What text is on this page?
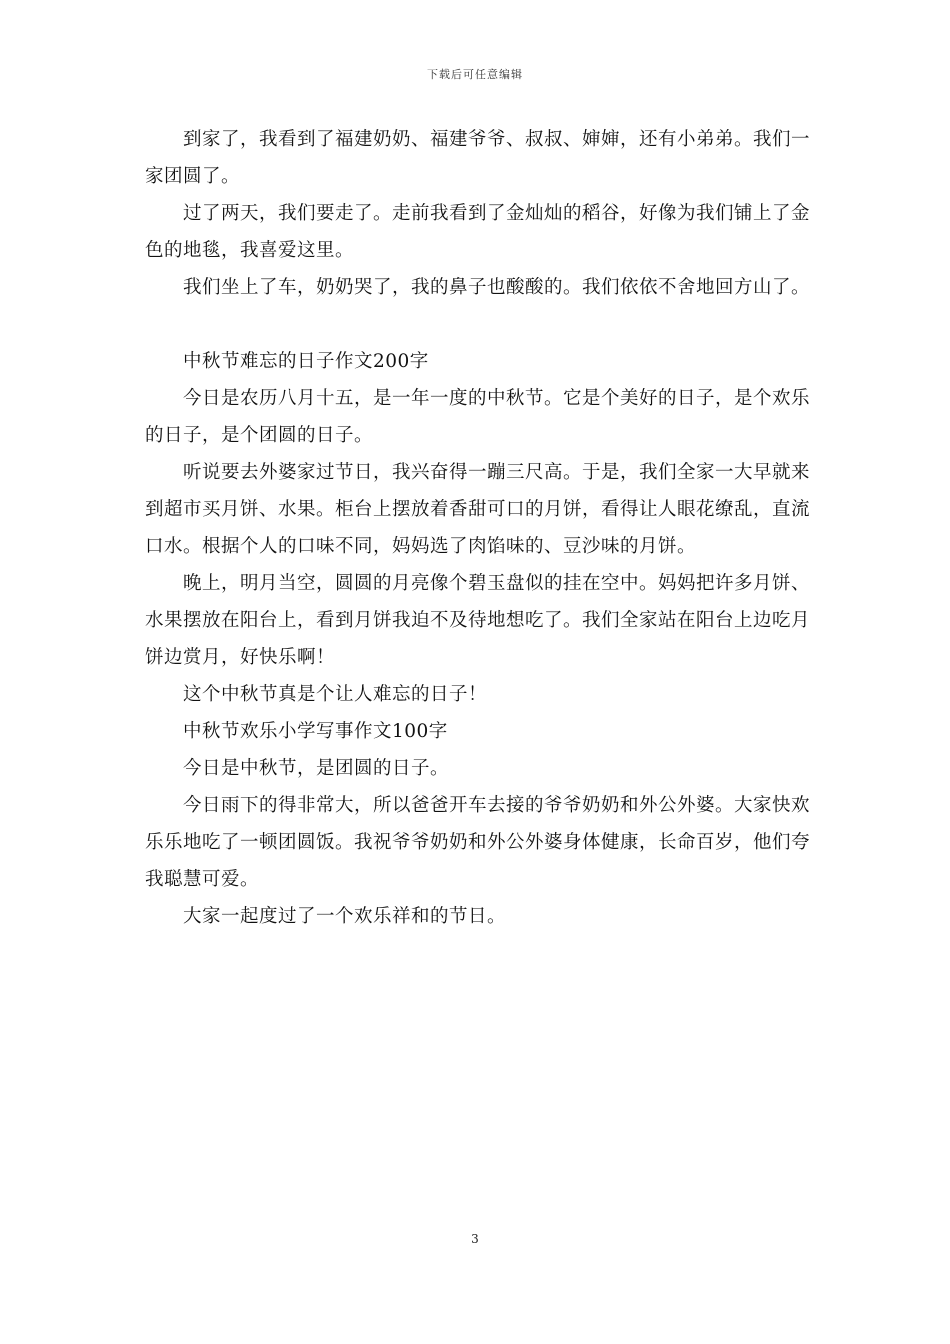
下载后可任意编辑

到家了，我看到了福建奶奶、福建爷爷、叔叔、婶婶，还有小弟弟。我们一家团圆了。

过了两天，我们要走了。走前我看到了金灿灿的稻谷，好像为我们铺上了金色的地毯，我喜爱这里。

我们坐上了车，奶奶哭了，我的鼻子也酸酸的。我们依依不舍地回方山了。

中秋节难忘的日子作文200字

今日是农历八月十五，是一年一度的中秋节。它是个美好的日子，是个欢乐的日子，是个团圆的日子。

听说要去外婆家过节日，我兴奋得一蹦三尺高。于是，我们全家一大早就来到超市买月饼、水果。柜台上摆放着香甜可口的月饼，看得让人眼花缭乱，直流口水。根据个人的口味不同，妈妈选了肉馅味的、豆沙味的月饼。

晚上，明月当空，圆圆的月亮像个碧玉盘似的挂在空中。妈妈把许多月饼、水果摆放在阳台上，看到月饼我迫不及待地想吃了。我们全家站在阳台上边吃月饼边赏月，好快乐啊！

这个中秋节真是个让人难忘的日子！

中秋节欢乐小学写事作文100字

今日是中秋节，是团圆的日子。

今日雨下的得非常大，所以爸爸开车去接的爷爷奶奶和外公外婆。大家快欢乐乐地吃了一顿团圆饭。我祝爷爷奶奶和外公外婆身体健康，长命百岁，他们夸我聪慧可爱。

大家一起度过了一个欢乐祥和的节日。

3
